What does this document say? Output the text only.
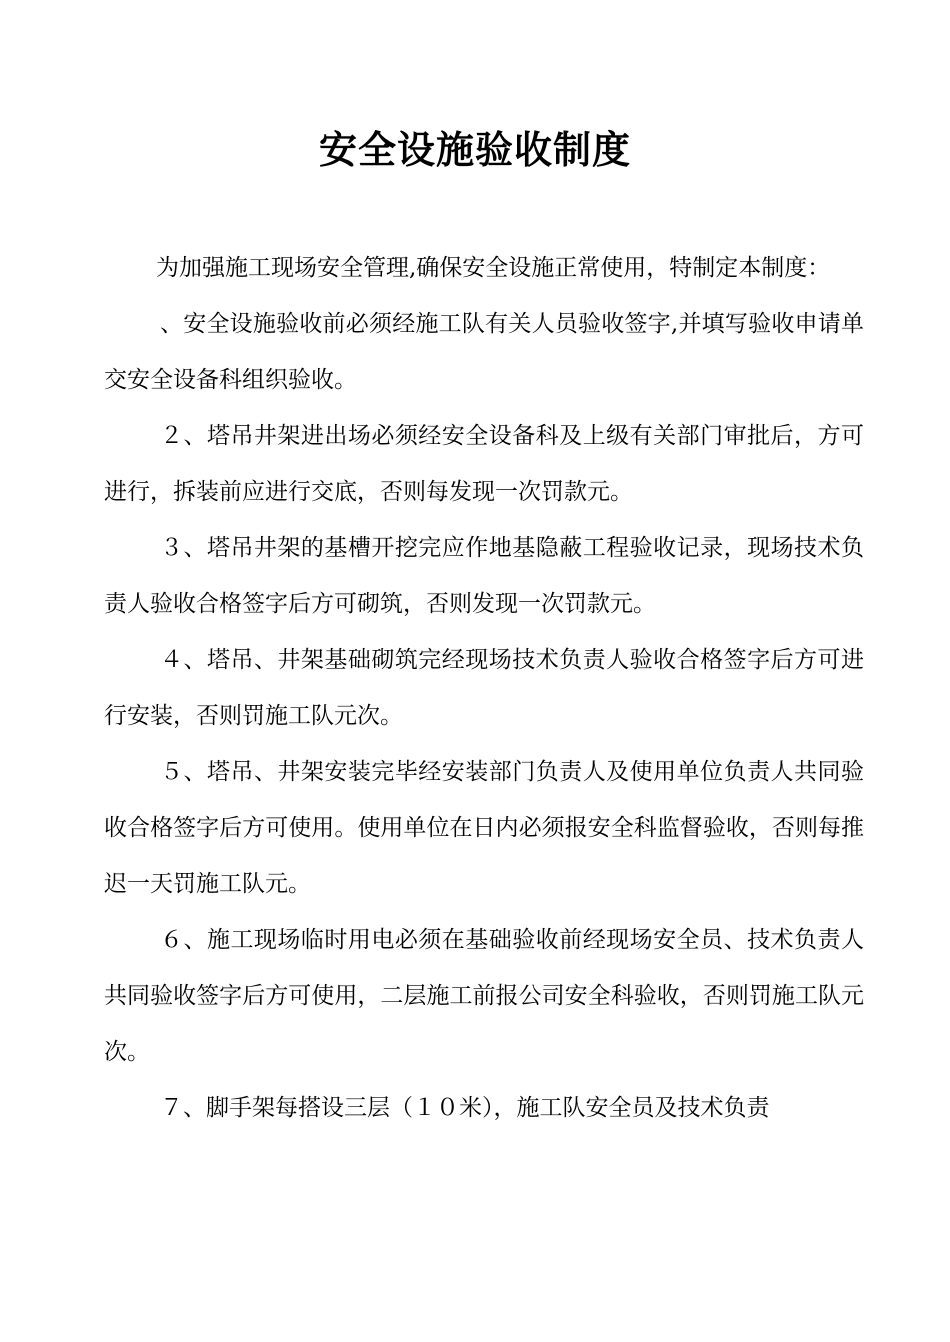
安全设施验收制度

为加强施工现场安全管理,确保安全设施正常使用，特制定本制度：

、安全设施验收前必须经施工队有关人员验收签字,并填写验收申请单交安全设备科组织验收。

２、塔吊井架进出场必须经安全设备科及上级有关部门审批后，方可进行，拆装前应进行交底，否则每发现一次罚款元。

３、塔吊井架的基槽开挖完应作地基隐蔽工程验收记录，现场技术负责人验收合格签字后方可砌筑，否则发现一次罚款元。

４、塔吊、井架基础砌筑完经现场技术负责人验收合格签字后方可进行安装，否则罚施工队元次。

５、塔吊、井架安装完毕经安装部门负责人及使用单位负责人共同验收合格签字后方可使用。使用单位在日内必须报安全科监督验收，否则每推迟一天罚施工队元。

６、施工现场临时用电必须在基础验收前经现场安全员、技术负责人共同验收签字后方可使用，二层施工前报公司安全科验收，否则罚施工队元次。

７、脚手架每搭设三层（１０米），施工队安全员及技术负责
